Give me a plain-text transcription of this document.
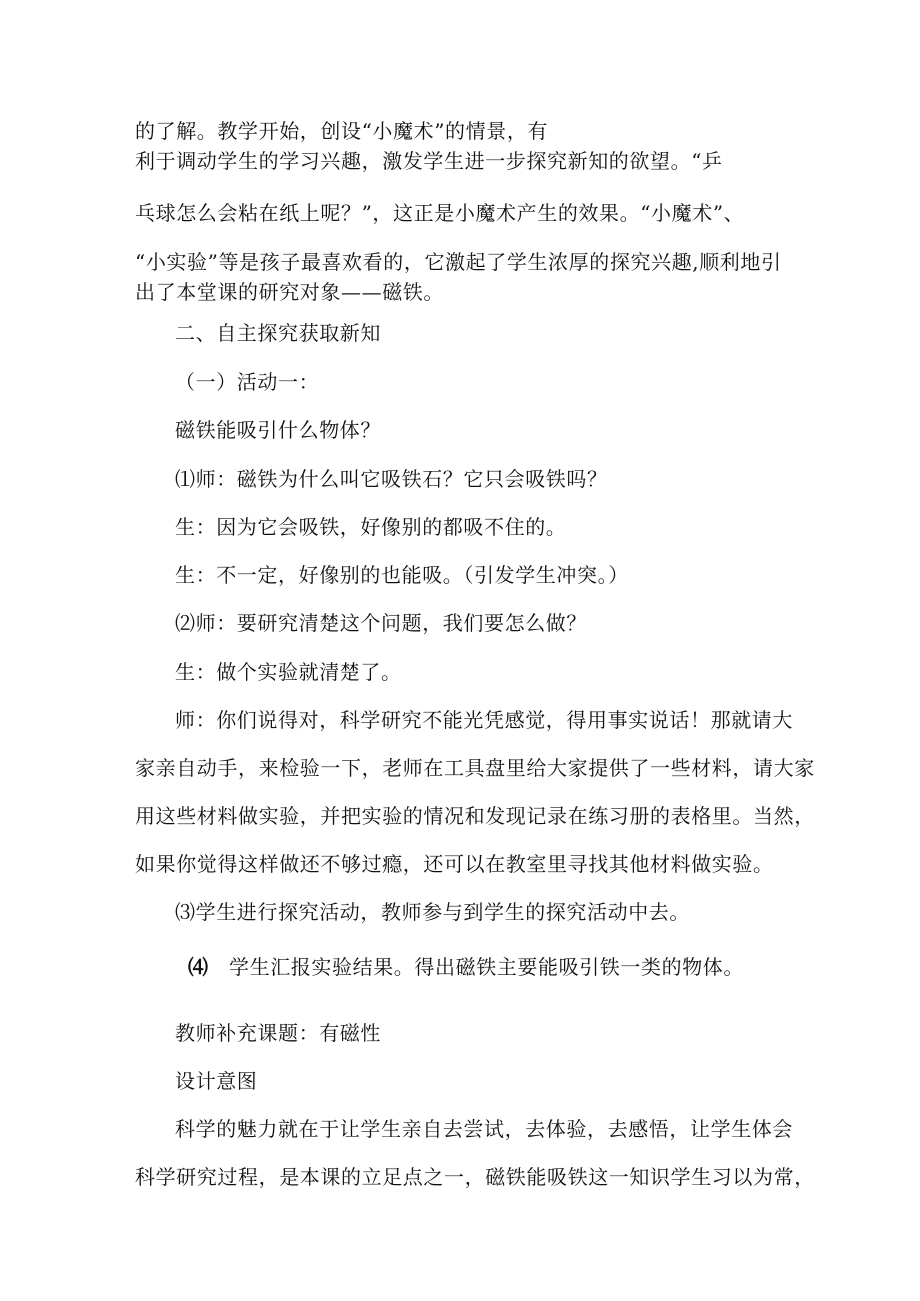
的了解。教学开始，创设“小魔术”的情景，有
利于调动学生的学习兴趣，激发学生进一步探究新知的欲望。“乒
乓球怎么会粘在纸上呢？”，这正是小魔术产生的效果。“小魔术”、
“小实验”等是孩子最喜欢看的，它激起了学生浓厚的探究兴趣,顺利地引
出了本堂课的研究对象——磁铁。
二、自主探究获取新知
（一）活动一：
磁铁能吸引什么物体？
⑴师：磁铁为什么叫它吸铁石？它只会吸铁吗？
生：因为它会吸铁，好像别的都吸不住的。
生：不一定，好像别的也能吸。（引发学生冲突。）
⑵师：要研究清楚这个问题，我们要怎么做？
生：做个实验就清楚了。
师：你们说得对，科学研究不能光凭感觉，得用事实说话！那就请大
家亲自动手，来检验一下，老师在工具盘里给大家提供了一些材料，请大家
用这些材料做实验，并把实验的情况和发现记录在练习册的表格里。当然，
如果你觉得这样做还不够过瘾，还可以在教室里寻找其他材料做实验。
⑶学生进行探究活动，教师参与到学生的探究活动中去。
⑷ 学生汇报实验结果。得出磁铁主要能吸引铁一类的物体。
教师补充课题：有磁性
设计意图
科学的魅力就在于让学生亲自去尝试，去体验，去感悟，让学生体会
科学研究过程，是本课的立足点之一，磁铁能吸铁这一知识学生习以为常，
